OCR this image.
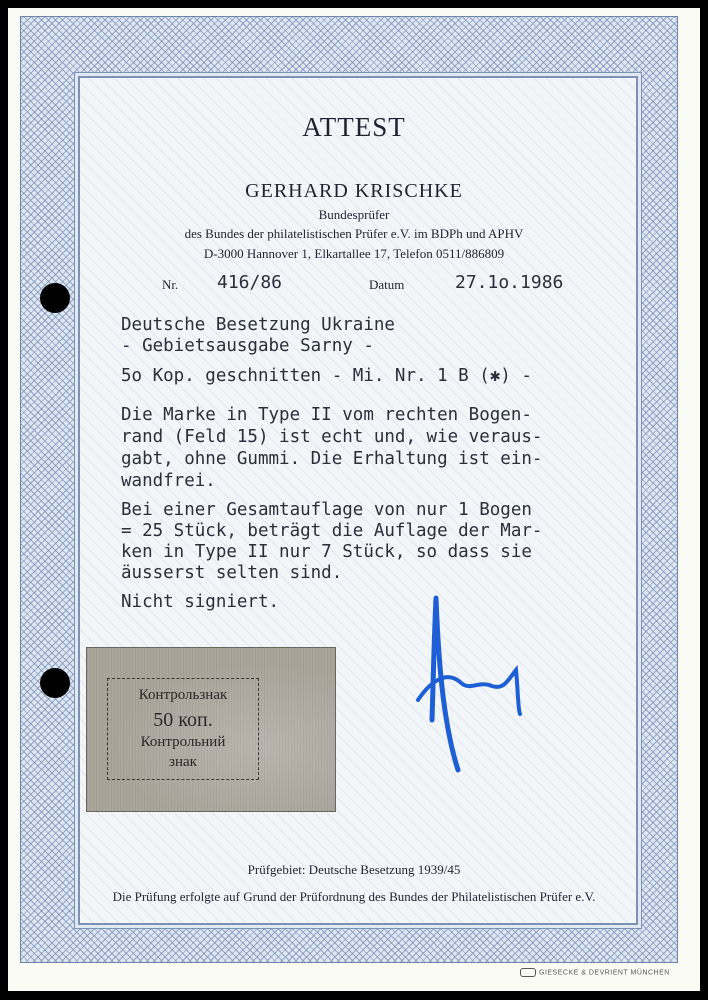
ATTEST
GERHARD KRISCHKE
Bundesprüfer
des Bundes der philatelistischen Prüfer e.V. im BDPh und APHV
D-3000 Hannover 1, Elkartallee 17, Telefon 0511/886809
Nr. 416/86	Datum	27.1o.1986
Deutsche Besetzung Ukraine
- Gebietsausgabe Sarny -
5o Kop. geschnitten - Mi. Nr. 1 B (✱) -
Die Marke in Type II vom rechten Bogen-
rand (Feld 15) ist echt und, wie veraus-
gabt, ohne Gummi. Die Erhaltung ist ein-
wandfrei.
Bei einer Gesamtauflage von nur 1 Bogen
= 25 Stück, beträgt die Auflage der Mar-
ken in Type II nur 7 Stück, so dass sie
äusserst selten sind.
Nicht signiert.
Контрользнак
50 коп.
Контрольний
знак
Prüfgebiet: Deutsche Besetzung 1939/45
Die Prüfung erfolgte auf Grund der Prüfordnung des Bundes der Philatelistischen Prüfer e.V.
GIESECKE & DEVRIENT MÜNCHEN
